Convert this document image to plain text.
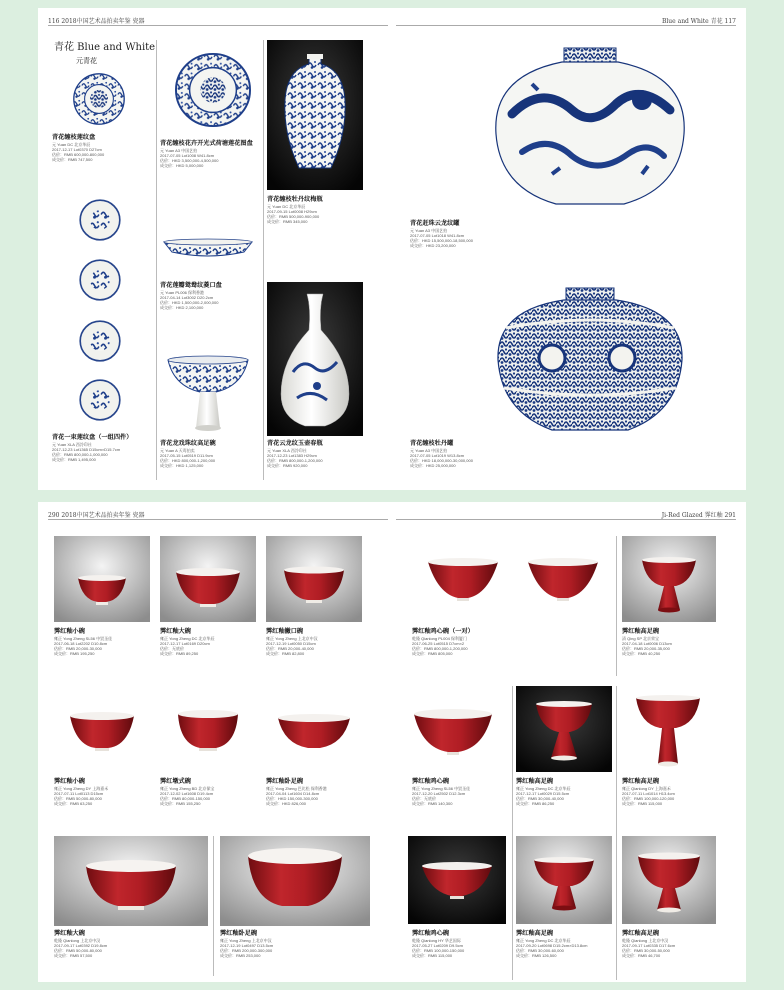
116 2018中国艺术品拍卖年鉴 瓷器
青花 Blue and White
元青花
青花缠枝莲纹盘
元 Yuan DC 北京华辰
2017-12-17 Lot0370 D27cm
估价：RMB 600,000-800,000
成交价：RMB 747,500
青花缠枝花卉开光式荷塘莲花图盘
元 Yuan A3 中国艺拍
2017-07-05 Lot1008 W41.8cm
估价：HKD 3,500,000-4,500,000
成交价：HKD 5,000,000
青花缠枝牡丹纹梅瓶
元 Yuan DC 北京华辰
2017-09-15 Lot0008 H29cm
估价：RMB 500,000-900,000
成交价：RMB 345,000
青花一束莲纹盘（一组四件）
元 Yuan XLA 西泠印社
2017-12-23 Lot1365 D15cm×D15.7cm
估价：RMB 800,000-1,000,000
成交价：RMB 1,495,000
青花莲瓣鸳鸯纹菱口盘
元 Yuan PL006 保利香港
2017-04-14 Lot3002 D20.2cm
估价：HKD 1,500,000-2,000,000
成交价：HKD 2,100,000
青花龙戏珠纹高足碗
元 Yuan A 天鸾拍卖
2017-05-15 Lot0519 D11.9cm
估价：HKD 800,000-1,200,000
成交价：HKD 1,125,000
青花云龙纹玉壶春瓶
元 Yuan XLA 西泠印社
2017-12-23 Lot1383 H29cm
估价：RMB 800,000-1,200,000
成交价：RMB 920,000
Blue and White 青花 117
青花赶珠云龙纹罐
元 Yuan A3 中国艺拍
2017-07-05 Lot1018 W41.8cm
估价：HKD 15,500,000-18,500,000
成交价：HKD 23,200,000
青花缠枝牡丹罐
元 Yuan A3 中国艺拍
2017-07-05 Lot1019 W13.8cm
估价：HKD 18,000,000-30,000,000
成交价：HKD 25,000,000
290 2018中国艺术品拍卖年鉴 瓷器
霁红釉小碗
雍正 Yong Zheng SL56 中贸圣佳
2017-06-18 Lot2202 D10.8cm
估价：RMB 20,000-30,000
成交价：RMB 195,250
霁红釉大碗
雍正 Yong Zheng DC 北京华辰
2017-12-17 Lot0169 D20cm
估价：无底价
成交价：RMB 89,250
霁红釉撇口碗
雍正 Yong Zheng 上北京中汉
2017-12-19 Lot0050 D15cm
估价：RMB 20,000-40,000
成交价：RMB 82,800
霁红釉小碗
雍正 Yong Zheng DY 上海嘉禾
2017-07-11 Lot0113 D15cm
估价：RMB 50,000-80,000
成交价：RMB 63,250
霁红墩式碗
雍正 Yong Zheng BD 北京保宝
2017-12-02 Lot1608 D19.4cm
估价：RMB 80,000-150,000
成交价：RMB 155,250
霁红釉卧足碗
雍正 Yong Zheng 巴比松 保利香港
2017-04-04 Lot1604 D14.8cm
估价：HKD 150,000-300,000
成交价：HKD 826,000
霁红釉大碗
乾隆 Qianlong 上北京中汉
2017-09-17 Lot0392 D19.8cm
估价：RMB 50,000-80,000
成交价：RMB 57,500
霁红釉卧足碗
雍正 Yong Zheng 上北京中汉
2017-12-19 Lot0497 D13.5cm
估价：RMB 200,000-300,000
成交价：RMB 253,000
Ji-Red Glazed 霁红釉 291
霁红釉鸡心碗（一对）
乾隆 Qianlong PL004 保利厦门
2017-06-25 Lot0515 D7cm×2
估价：RMB 800,000-1,200,000
成交价：RMB 805,000
霁红釉高足碗
清 Qing SP 北京荣宝
2017-04-18 Lot0006 D13cm
估价：RMB 20,000-35,000
成交价：RMB 40,250
霁红釉鸡心碗
雍正 Yong Zheng SL56 中贸圣佳
2017-12-20 Lot2502 D12.3cm
估价：无底价
成交价：RMB 140,300
霁红釉高足碗
雍正 Yong Zheng DC 北京华辰
2017-12-17 Lot0029 D15.5cm
估价：RMB 30,000-40,000
成交价：RMB 86,250
霁红釉高足碗
雍正 Qianlong DY 上海嘉禾
2017-07-11 Lot1014 H13.4cm
估价：RMB 100,000-120,000
成交价：RMB 115,000
霁红釉鸡心碗
乾隆 Qianlong HY 华艺国际
2017-05-27 Lot0209 D9.5cm
估价：RMB 100,000-150,000
成交价：RMB 115,000
霁红釉高足碗
雍正 Yong Zheng DC 北京华辰
2017-09-20 Lot0698 D15.2cm×D13.8cm
估价：RMB 30,000-60,000
成交价：RMB 126,500
霁红釉高足碗
乾隆 Qianlong 上北京中汉
2017-09-17 Lot0335 D17.6cm
估价：RMB 30,000-50,000
成交价：RMB 46,700
